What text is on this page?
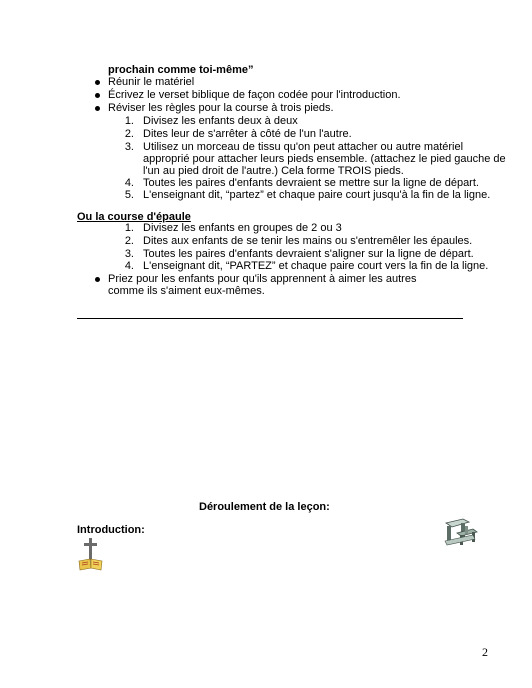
prochain comme toi-même”
Réunir le matériel
Écrivez le verset biblique de façon codée pour l'introduction.
Réviser les règles pour la course à trois pieds.
1. Divisez les enfants deux à deux
2. Dites leur de s'arrêter à côté de l'un l'autre.
3. Utilisez un morceau de tissu qu'on peut attacher ou autre matériel
approprié pour attacher leurs pieds ensemble. (attachez le pied gauche de
l'un au pied droit de l'autre.) Cela forme TROIS pieds.
4. Toutes les paires d'enfants devraient se mettre sur la ligne de départ.
5. L'enseignant dit, “partez” et chaque paire court jusqu'à la fin de la ligne.
Ou la course d'épaule
1. Divisez les enfants en groupes de 2 ou 3
2. Dites aux enfants de se tenir les mains ou s'entremêler les épaules.
3. Toutes les paires d'enfants devraient s'aligner sur la ligne de départ.
4. L'enseignant dit, “PARTEZ” et chaque paire court vers la fin de la ligne.
Priez pour les enfants pour qu'ils apprennent à aimer les autres
comme ils s'aiment eux-mêmes.
Déroulement de la leçon:
Introduction:
2
